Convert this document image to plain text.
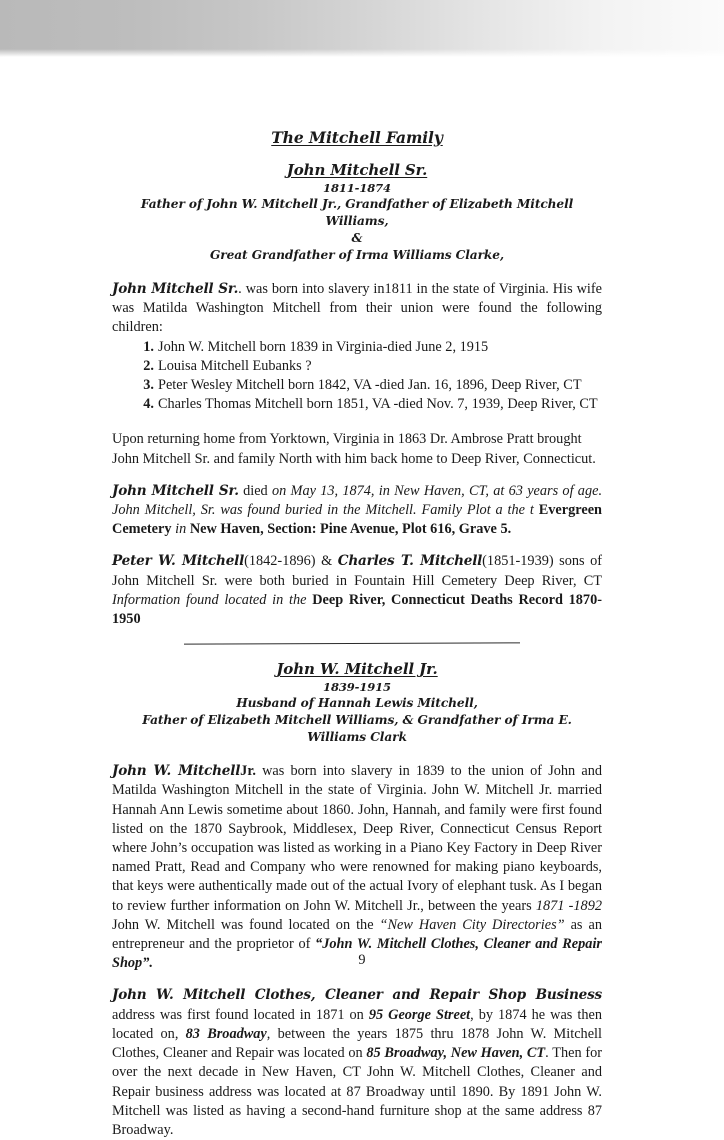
The Mitchell Family
John Mitchell Sr.
1811-1874
Father of John W. Mitchell Jr., Grandfather of Elizabeth Mitchell Williams,
&
Great Grandfather of Irma Williams Clarke,

John Mitchell Sr.. was born into slavery in1811 in the state of Virginia. His wife was Matilda Washington Mitchell from their union were found the following children:

John W. Mitchell born 1839 in Virginia-died June 2, 1915
Louisa Mitchell Eubanks ?
Peter Wesley Mitchell born 1842, VA -died Jan. 16, 1896, Deep River, CT
Charles Thomas Mitchell born 1851, VA -died Nov. 7, 1939, Deep River, CT

Upon returning home from Yorktown, Virginia in 1863 Dr. Ambrose Pratt brought John Mitchell Sr. and family North with him back home to Deep River, Connecticut.

John Mitchell Sr. died on May 13, 1874, in New Haven, CT, at 63 years of age. John Mitchell, Sr. was found buried in the Mitchell. Family Plot a the t Evergreen Cemetery in New Haven, Section: Pine Avenue, Plot 616, Grave 5.

Peter W. Mitchell(1842-1896) & Charles T. Mitchell(1851-1939) sons of John Mitchell Sr. were both buried in Fountain Hill Cemetery Deep River, CT Information found located in the Deep River, Connecticut Deaths Record 1870-1950

John W. Mitchell Jr.
1839-1915
Husband of Hannah Lewis Mitchell,
Father of Elizabeth Mitchell Williams, & Grandfather of Irma E. Williams Clark

John W. MitchellJr. was born into slavery in 1839 to the union of John and Matilda Washington Mitchell in the state of Virginia. John W. Mitchell Jr. married Hannah Ann Lewis sometime about 1860. John, Hannah, and family were first found listed on the 1870 Saybrook, Middlesex, Deep River, Connecticut Census Report where John’s occupation was listed as working in a Piano Key Factory in Deep River named Pratt, Read and Company who were renowned for making piano keyboards, that keys were authentically made out of the actual Ivory of elephant tusk. As I began to review further information on John W. Mitchell Jr., between the years 1871 -1892 John W. Mitchell was found located on the “New Haven City Directories” as an entrepreneur and the proprietor of “John W. Mitchell Clothes, Cleaner and Repair Shop”.

John W. Mitchell Clothes, Cleaner and Repair Shop Business address was first found located in 1871 on 95 George Street, by 1874 he was then located on, 83 Broadway, between the years 1875 thru 1878 John W. Mitchell Clothes, Cleaner and Repair was located on 85 Broadway, New Haven, CT. Then for over the next decade in New Haven, CT John W. Mitchell Clothes, Cleaner and Repair business address was located at 87 Broadway until 1890. By 1891 John W. Mitchell was listed as having a second-hand furniture shop at the same address 87 Broadway.

9
